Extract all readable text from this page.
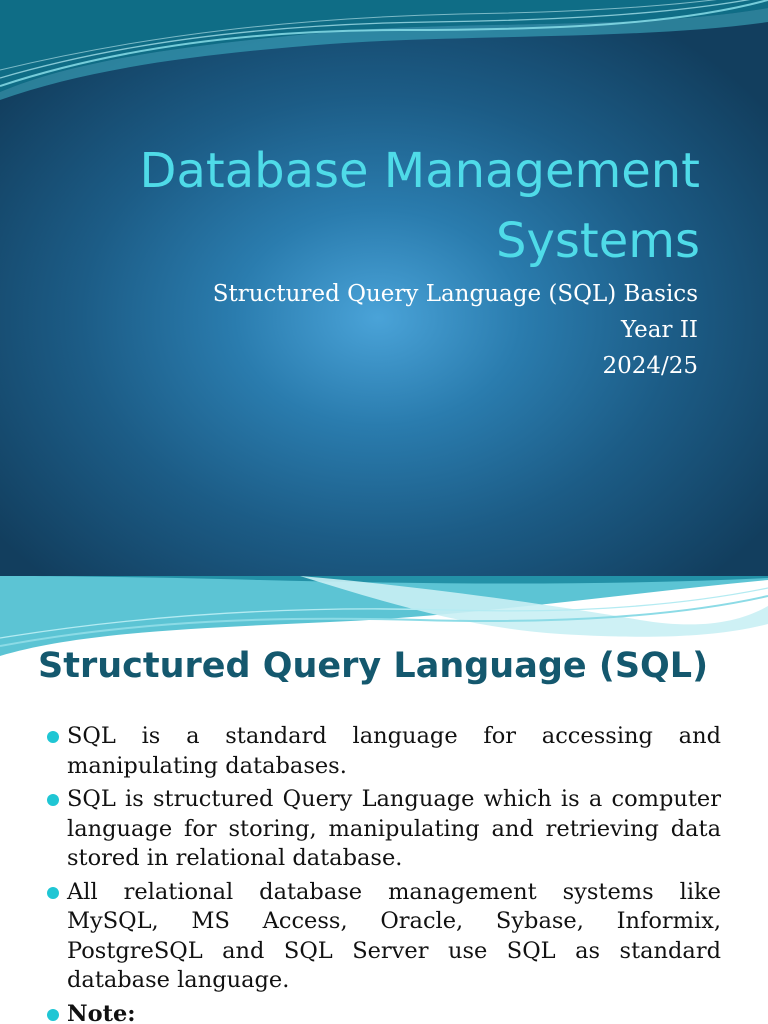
Database Management Systems
Structured Query Language (SQL) Basics
Year II
2024/25
Structured Query Language (SQL)
SQL is a standard language for accessing and manipulating databases.
SQL is structured Query Language which is a computer language for storing, manipulating and retrieving data stored in relational database.
All relational database management systems like MySQL, MS Access, Oracle, Sybase, Informix, PostgreSQL and SQL Server use SQL as standard database language.
Note:
